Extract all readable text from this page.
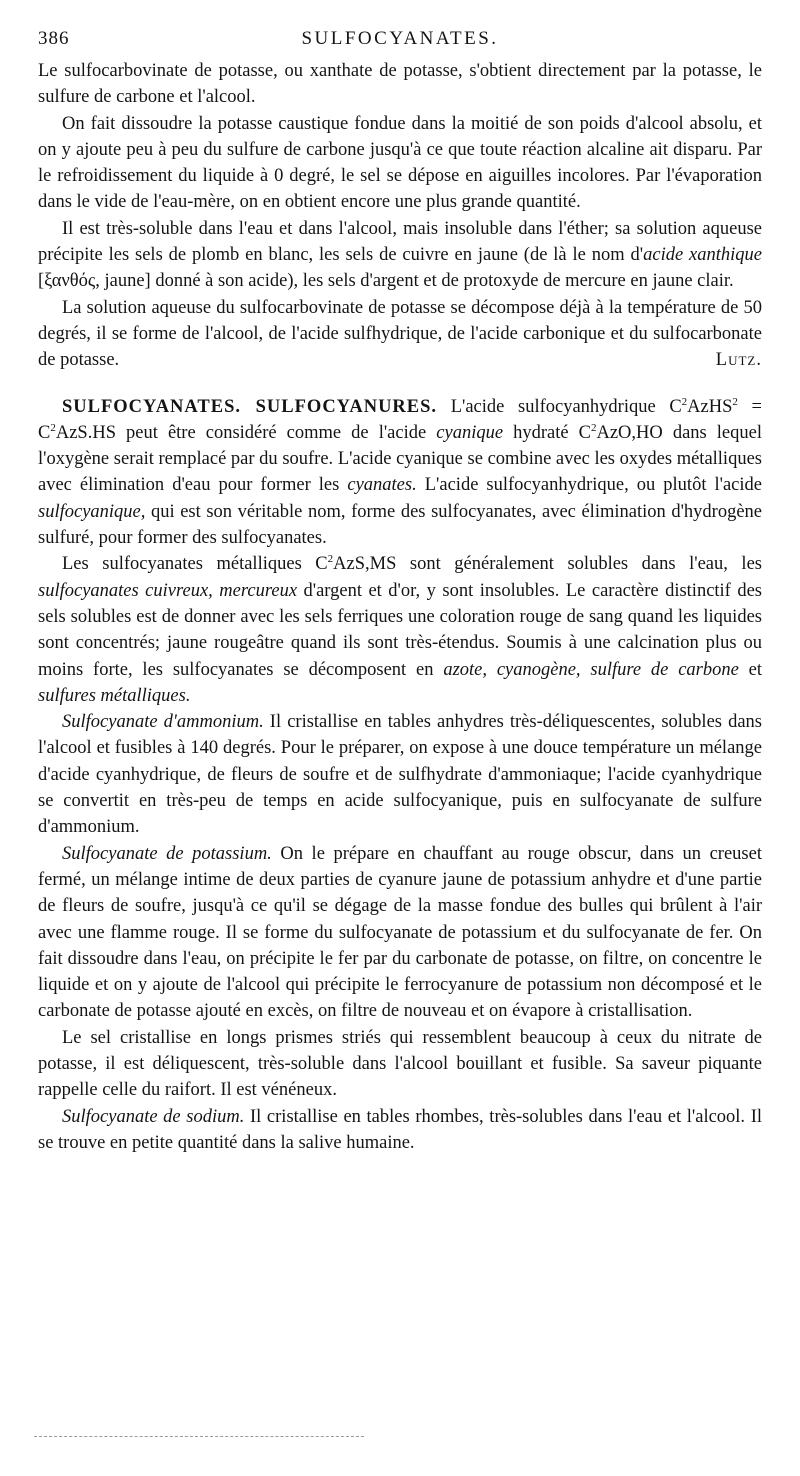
386	SULFOCYANATES.

Le sulfocarbovinate de potasse, ou xanthate de potasse, s'obtient directement par la potasse, le sulfure de carbone et l'alcool.

On fait dissoudre la potasse caustique fondue dans la moitié de son poids d'alcool absolu, et on y ajoute peu à peu du sulfure de carbone jusqu'à ce que toute réaction alcaline ait disparu. Par le refroidissement du liquide à 0 degré, le sel se dépose en aiguilles incolores. Par l'évaporation dans le vide de l'eau-mère, on en obtient encore une plus grande quantité.

Il est très-soluble dans l'eau et dans l'alcool, mais insoluble dans l'éther; sa solution aqueuse précipite les sels de plomb en blanc, les sels de cuivre en jaune (de là le nom d'acide xanthique [ξανθός, jaune] donné à son acide), les sels d'argent et de protoxyde de mercure en jaune clair.

La solution aqueuse du sulfocarbovinate de potasse se décompose déjà à la température de 50 degrés, il se forme de l'alcool, de l'acide sulfhydrique, de l'acide carbonique et du sulfocarbonate de potasse.	Lutz.

SULFOCYANATES. SULFOCYANURES. L'acide sulfocyanhydrique $C^2AzHS^2 = C^2AzS.HS$ peut être considéré comme de l'acide cyanique hydraté $C^2AzO,HO$ dans lequel l'oxygène serait remplacé par du soufre. L'acide cyanique se combine avec les oxydes métalliques avec élimination d'eau pour former les cyanates. L'acide sulfocyanhydrique, ou plutôt l'acide sulfocyanique, qui est son véritable nom, forme des sulfocyanates, avec élimination d'hydrogène sulfuré, pour former des sulfocyanates.

Les sulfocyanates métalliques $C^2AzS,MS$ sont généralement solubles dans l'eau, les sulfocyanates cuivreux, mercureux d'argent et d'or, y sont insolubles. Le caractère distinctif des sels solubles est de donner avec les sels ferriques une coloration rouge de sang quand les liquides sont concentrés; jaune rougeâtre quand ils sont très-étendus. Soumis à une calcination plus ou moins forte, les sulfocyanates se décomposent en azote, cyanogène, sulfure de carbone et sulfures métalliques.

Sulfocyanate d'ammonium. Il cristallise en tables anhydres très-déliquescentes, solubles dans l'alcool et fusibles à 140 degrés. Pour le préparer, on expose à une douce température un mélange d'acide cyanhydrique, de fleurs de soufre et de sulfhydrate d'ammoniaque; l'acide cyanhydrique se convertit en très-peu de temps en acide sulfocyanique, puis en sulfocyanate de sulfure d'ammonium.

Sulfocyanate de potassium. On le prépare en chauffant au rouge obscur, dans un creuset fermé, un mélange intime de deux parties de cyanure jaune de potassium anhydre et d'une partie de fleurs de soufre, jusqu'à ce qu'il se dégage de la masse fondue des bulles qui brûlent à l'air avec une flamme rouge. Il se forme du sulfocyanate de potassium et du sulfocyanate de fer. On fait dissoudre dans l'eau, on précipite le fer par du carbonate de potasse, on filtre, on concentre le liquide et on y ajoute de l'alcool qui précipite le ferrocyanure de potassium non décomposé et le carbonate de potasse ajouté en excès, on filtre de nouveau et on évapore à cristallisation.

Le sel cristallise en longs prismes striés qui ressemblent beaucoup à ceux du nitrate de potasse, il est déliquescent, très-soluble dans l'alcool bouillant et fusible. Sa saveur piquante rappelle celle du raifort. Il est vénéneux.

Sulfocyanate de sodium. Il cristallise en tables rhombes, très-solubles dans l'eau et l'alcool. Il se trouve en petite quantité dans la salive humaine.
